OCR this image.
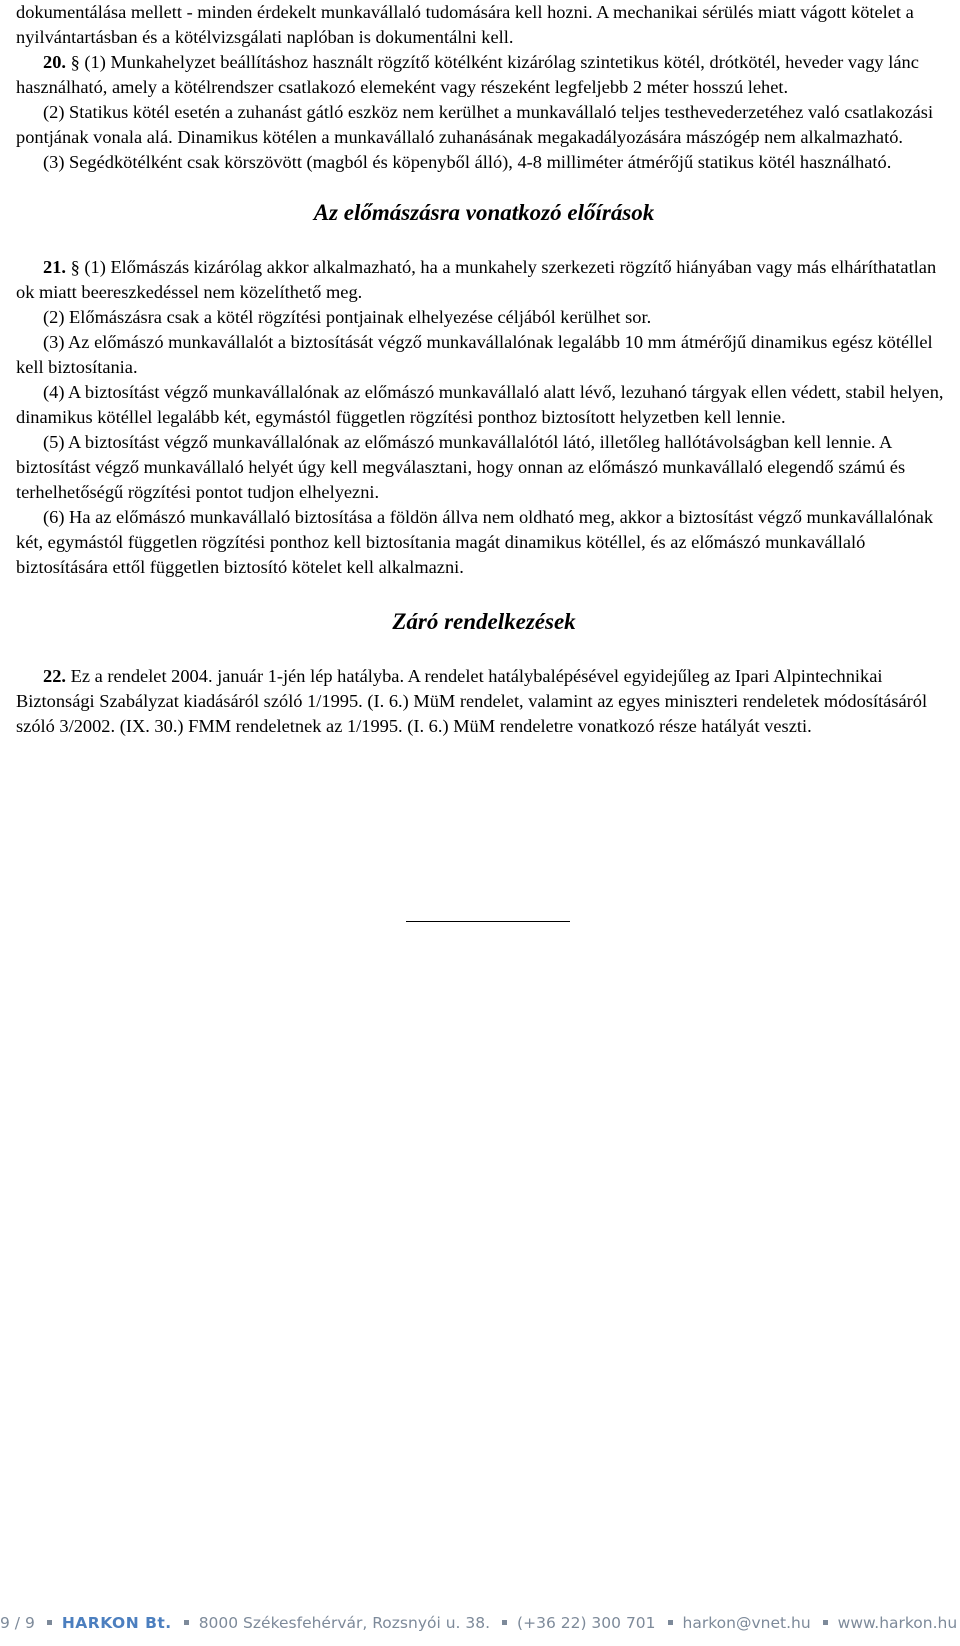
dokumentálása mellett - minden érdekelt munkavállaló tudomására kell hozni. A mechanikai sérülés miatt vágott kötelet a nyilvántartásban és a kötélvizsgálati naplóban is dokumentálni kell.

20. § (1) Munkahelyzet beállításhoz használt rögzítő kötélként kizárólag szintetikus kötél, drótkötél, heveder vagy lánc használható, amely a kötélrendszer csatlakozó elemeként vagy részeként legfeljebb 2 méter hosszú lehet.

(2) Statikus kötél esetén a zuhanást gátló eszköz nem kerülhet a munkavállaló teljes testhevederzetéhez való csatlakozási pontjának vonala alá. Dinamikus kötélen a munkavállaló zuhanásának megakadályozására mászógép nem alkalmazható.

(3) Segédkötélként csak körszövött (magból és köpenyből álló), 4-8 milliméter átmérőjű statikus kötél használható.

Az előmászásra vonatkozó előírások

21. § (1) Előmászás kizárólag akkor alkalmazható, ha a munkahely szerkezeti rögzítő hiányában vagy más elháríthatatlan ok miatt beereszkedéssel nem közelíthető meg.

(2) Előmászásra csak a kötél rögzítési pontjainak elhelyezése céljából kerülhet sor.

(3) Az előmászó munkavállalót a biztosítását végző munkavállalónak legalább 10 mm átmérőjű dinamikus egész kötéllel kell biztosítania.

(4) A biztosítást végző munkavállalónak az előmászó munkavállaló alatt lévő, lezuhanó tárgyak ellen védett, stabil helyen, dinamikus kötéllel legalább két, egymástól független rögzítési ponthoz biztosított helyzetben kell lennie.

(5) A biztosítást végző munkavállalónak az előmászó munkavállalótól látó, illetőleg hallótávolságban kell lennie. A biztosítást végző munkavállaló helyét úgy kell megválasztani, hogy onnan az előmászó munkavállaló elegendő számú és terhelhetőségű rögzítési pontot tudjon elhelyezni.

(6) Ha az előmászó munkavállaló biztosítása a földön állva nem oldható meg, akkor a biztosítást végző munkavállalónak két, egymástól független rögzítési ponthoz kell biztosítania magát dinamikus kötéllel, és az előmászó munkavállaló biztosítására ettől független biztosító kötelet kell alkalmazni.

Záró rendelkezések

22. Ez a rendelet 2004. január 1-jén lép hatályba. A rendelet hatálybalépésével egyidejűleg az Ipari Alpintechnikai Biztonsági Szabályzat kiadásáról szóló 1/1995. (I. 6.) MüM rendelet, valamint az egyes miniszteri rendeletek módosításáról szóló 3/2002. (IX. 30.) FMM rendeletnek az 1/1995. (I. 6.) MüM rendeletre vonatkozó része hatályát veszti.

9 / 9 HARKON Bt. 8000 Székesfehérvár, Rozsnyói u. 38. (+36 22) 300 701 harkon@vnet.hu www.harkon.hu
